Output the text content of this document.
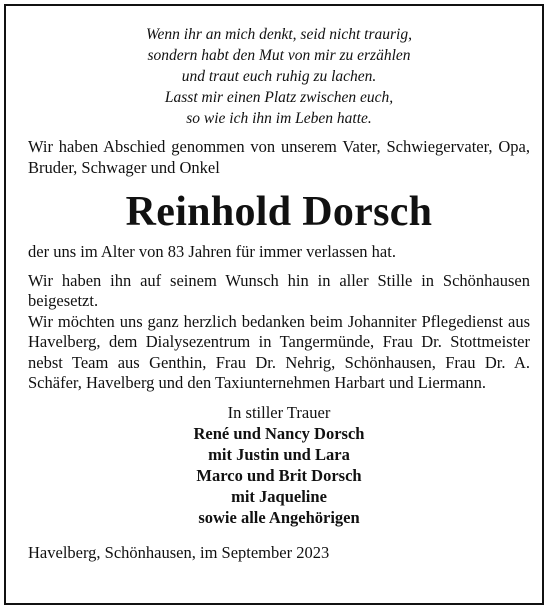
Wenn ihr an mich denkt, seid nicht traurig,
sondern habt den Mut von mir zu erzählen
und traut euch ruhig zu lachen.
Lasst mir einen Platz zwischen euch,
so wie ich ihn im Leben hatte.

Wir haben Abschied genommen von unserem Vater, Schwiegervater, Opa, Bruder, Schwager und Onkel

Reinhold Dorsch

der uns im Alter von 83 Jahren für immer verlassen hat.

Wir haben ihn auf seinem Wunsch hin in aller Stille in Schönhausen beigesetzt.

Wir möchten uns ganz herzlich bedanken beim Johanniter Pflegedienst aus Havelberg, dem Dialysezentrum in Tangermünde, Frau Dr. Stottmeister nebst Team aus Genthin, Frau Dr. Nehrig, Schönhausen, Frau Dr. A. Schäfer, Havelberg und den Taxiunternehmen Harbart und Liermann.

In stiller Trauer
René und Nancy Dorsch
mit Justin und Lara
Marco und Brit Dorsch
mit Jaqueline
sowie alle Angehörigen
Havelberg, Schönhausen, im September 2023
